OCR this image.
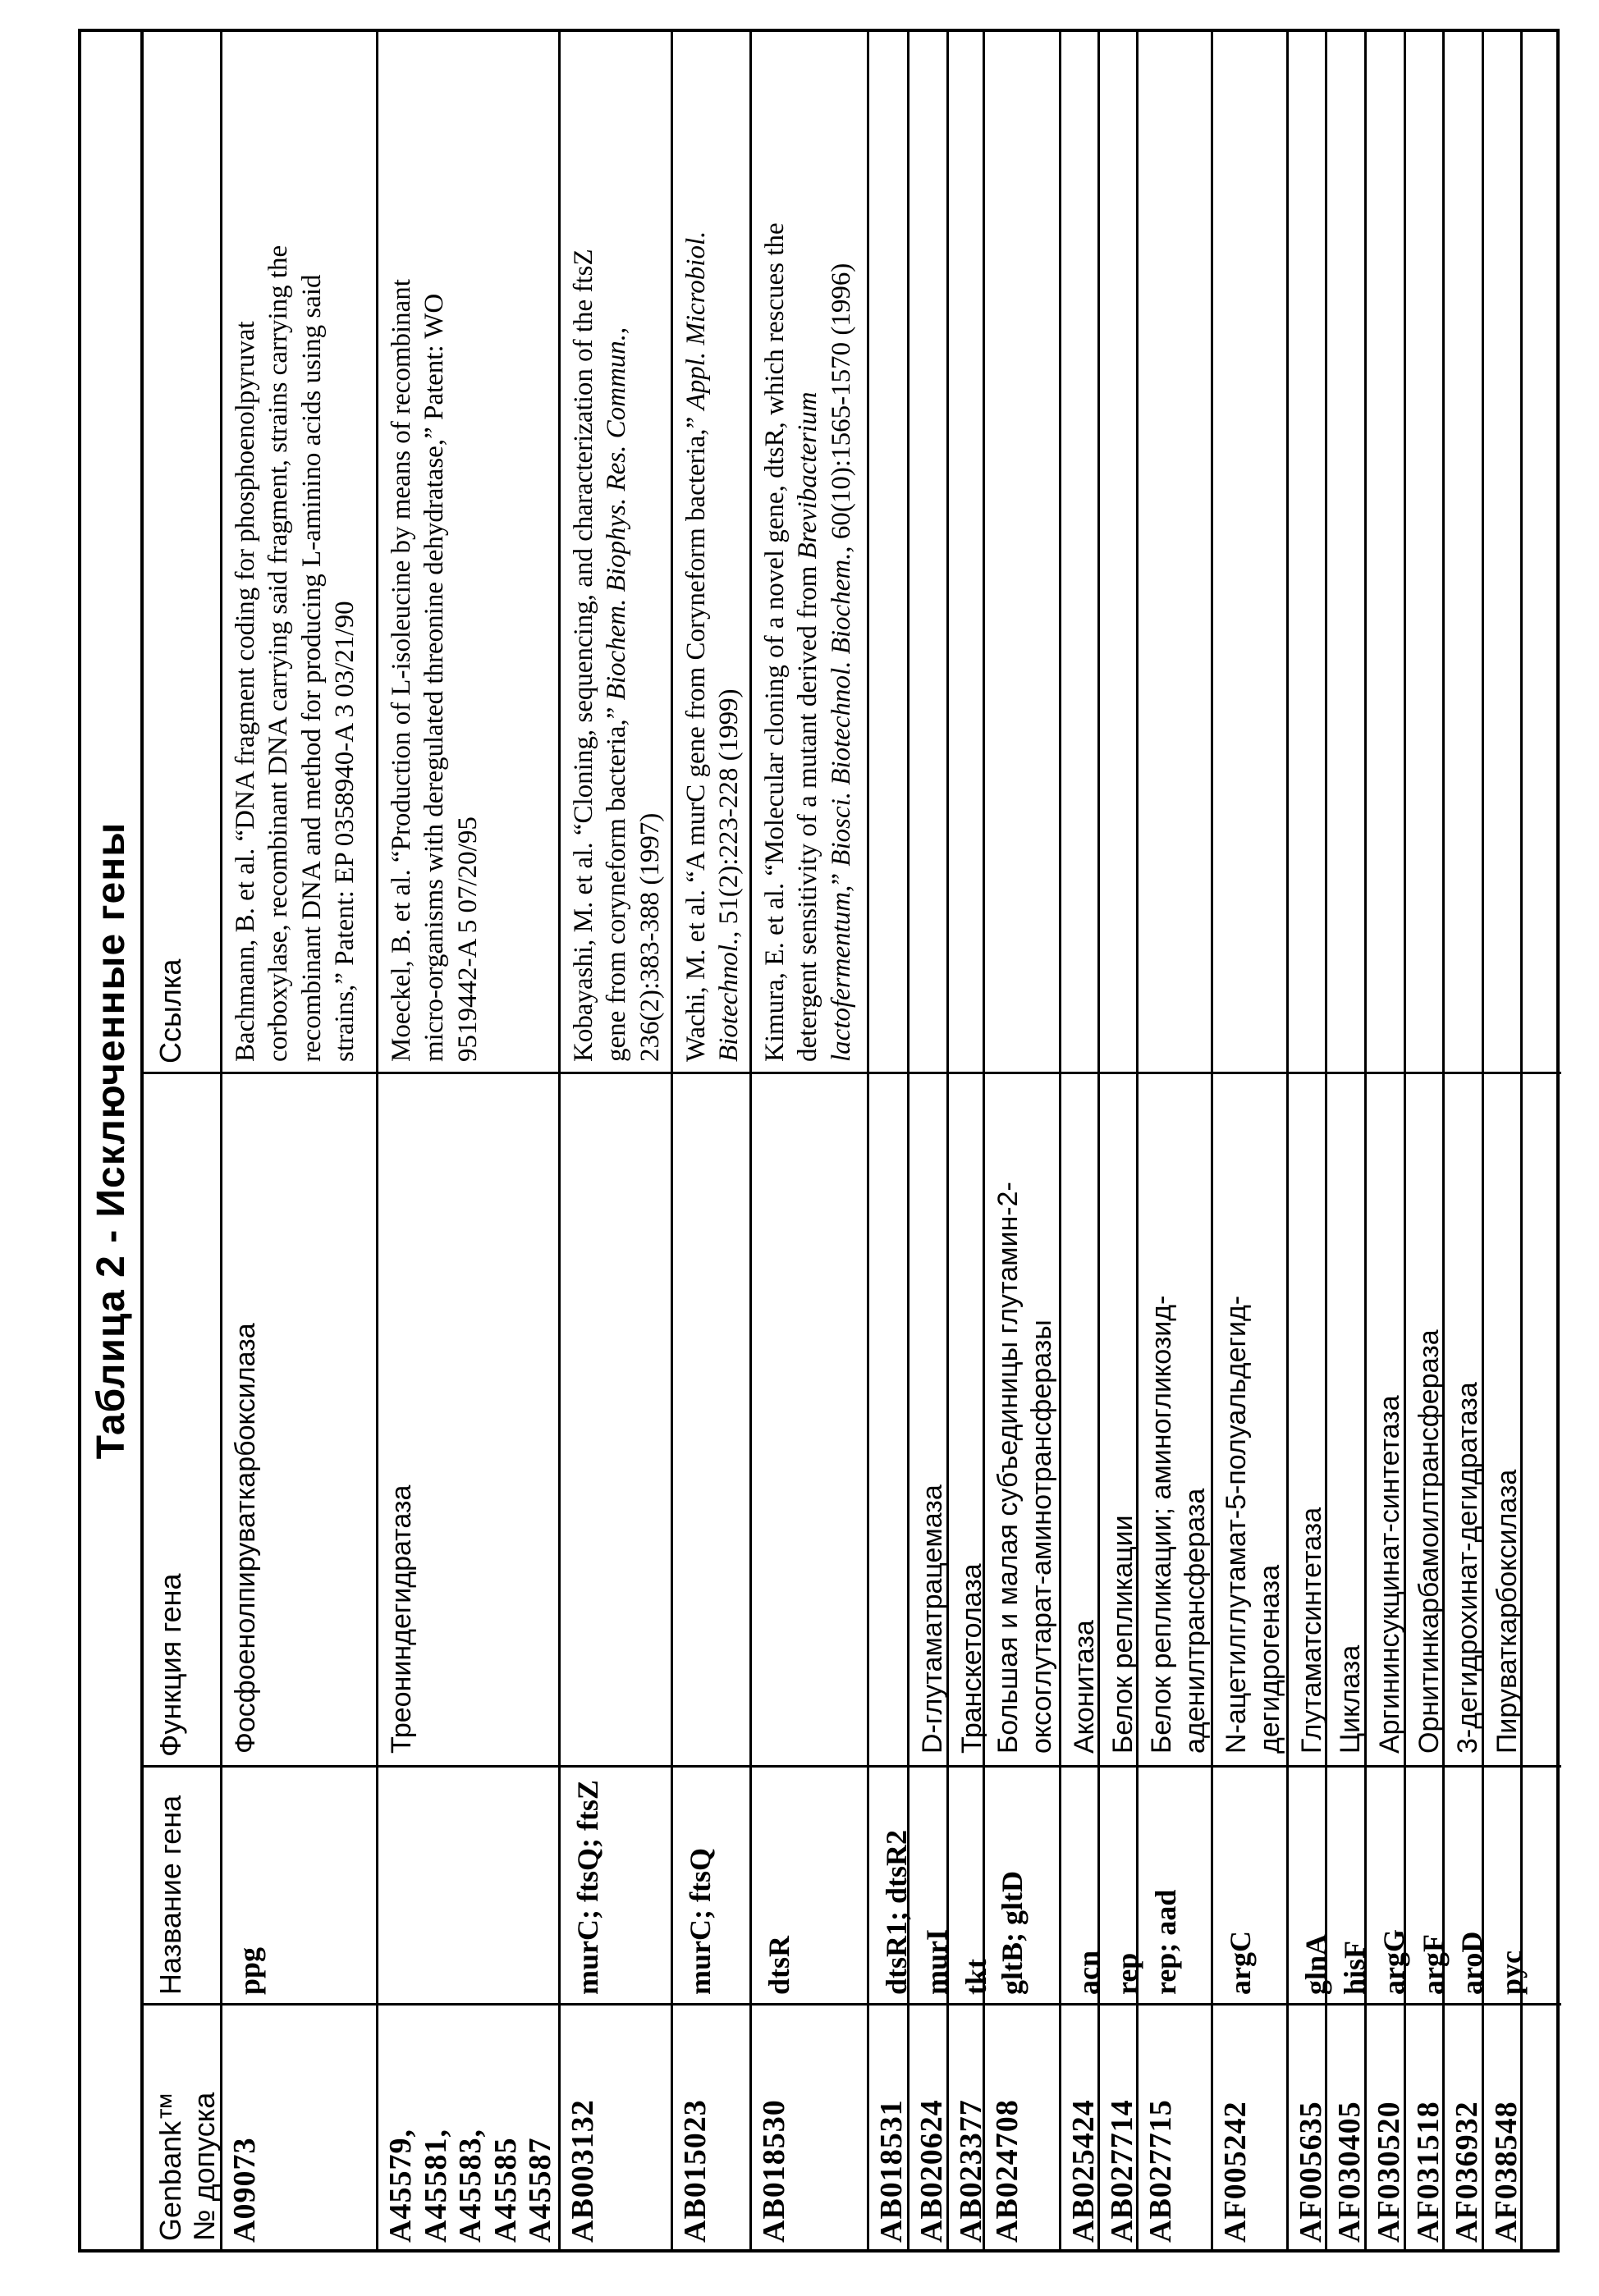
Таблица 2 - Исключенные гены
Genbank™ № допуска
Название гена
Функция гена
Ссылка
A09073
ppg
Фосфоенолпируваткарбоксилаза
Bachmann, B. et al. “DNA fragment coding for phosphoenolpyruvat corboxylase, recombinant DNA carrying said fragment, strains carrying the recombinant DNA and method for producing L-aminino acids using said strains,” Patent: EP 0358940-A 3 03/21/90
A45579, A45581, A45583, A45585 A45587
Треониндегидратаза
Moeckel, B. et al. “Production of L-isoleucine by means of recombinant micro-organisms with deregulated threonine dehydratase,” Patent: WO 9519442-A 5 07/20/95
AB003132
murC; ftsQ; ftsZ
Kobayashi, M. et al. “Cloning, sequencing, and characterization of the ftsZ gene from coryneform bacteria,” Biochem. Biophys. Res. Commun.,
236(2):383-388 (1997)
AB015023
murC; ftsQ
Wachi, M. et al. “A murC gene from Coryneform bacteria,” Appl. Microbiol.
Biotechnol., 51(2):223-228 (1999)
AB018530
dtsR
Kimura, E. et al. “Molecular cloning of a novel gene, dtsR, which rescues the detergent sensitivity of a mutant derived from Brevibacterium
lactofermentum,” Biosci. Biotechnol. Biochem., 60(10):1565-1570 (1996)
AB018531
dtsR1; dtsR2
AB020624
murI
D-глутаматрацемаза
AB023377
tkt
Транскетолаза
AB024708
gltB; gltD
Большая и малая субъединицы глутамин-2- оксоглутарат-аминотрансферазы
AB025424
acn
Аконитаза
AB027714
rep
Белок репликации
AB027715
rep; aad
Белок репликации; аминогликозид- аденилтрансфераза
AF005242
argC
N-ацетилглутамат-5-полуальдегид- дегидрогеназа
AF005635
glnA
Глутаматсинтетаза
AF030405
hisF
Циклаза
AF030520
argG
Аргининсукцинат-синтетаза
AF031518
argF
Орнитинкарбамоилтрансфераза
AF036932
aroD
3-дегидрохинат-дегидратаза
AF038548
pyc
Пируваткарбоксилаза
